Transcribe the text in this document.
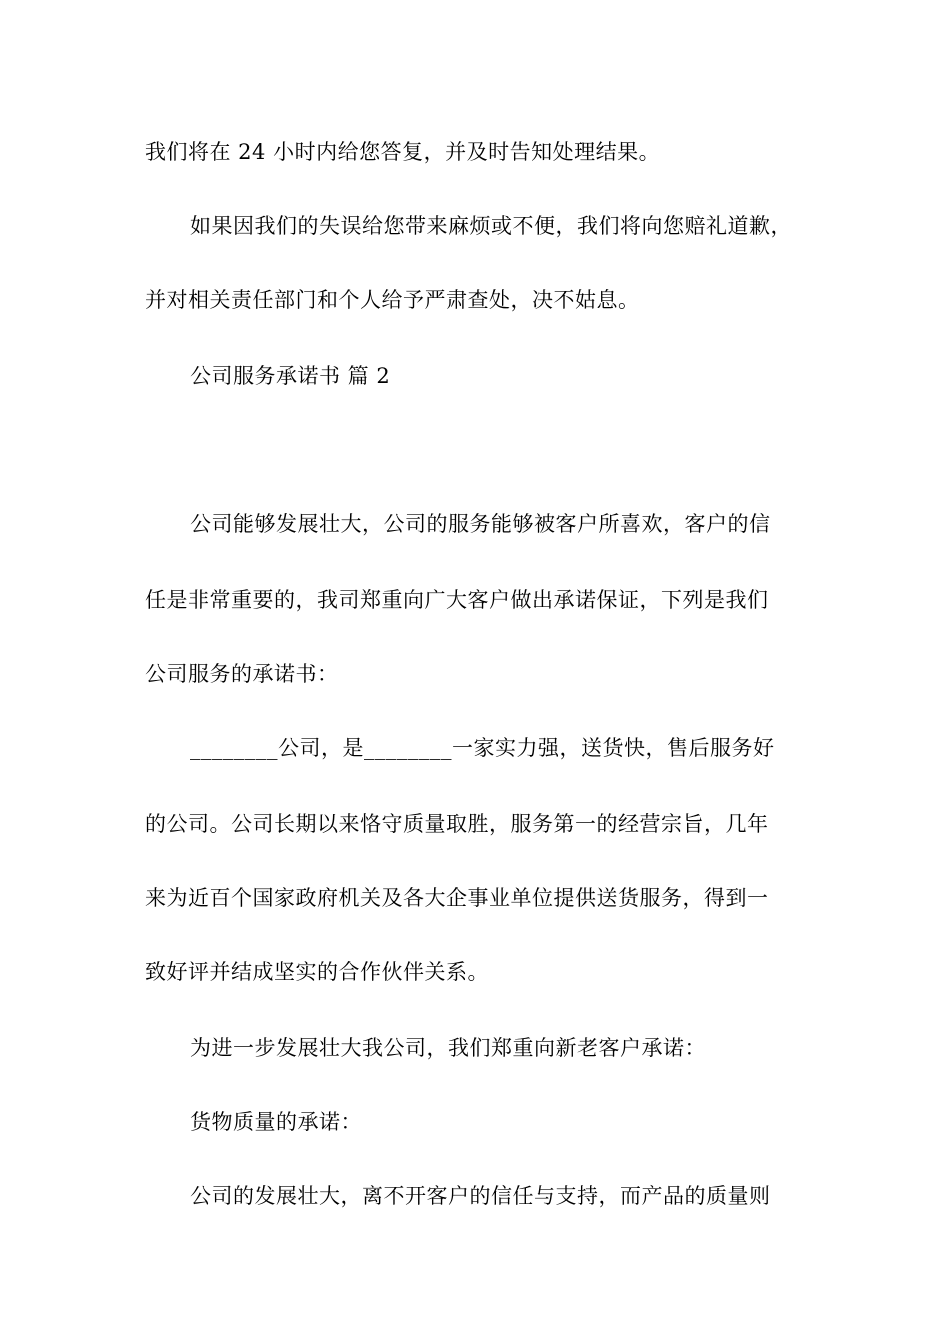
我们将在 24 小时内给您答复，并及时告知处理结果。
如果因我们的失误给您带来麻烦或不便，我们将向您赔礼道歉，
并对相关责任部门和个人给予严肃查处，决不姑息。
公司服务承诺书 篇 2
公司能够发展壮大，公司的服务能够被客户所喜欢，客户的信
任是非常重要的，我司郑重向广大客户做出承诺保证，下列是我们
公司服务的承诺书：
________公司，是________一家实力强，送货快，售后服务好
的公司。公司长期以来恪守质量取胜，服务第一的经营宗旨，几年
来为近百个国家政府机关及各大企事业单位提供送货服务，得到一
致好评并结成坚实的合作伙伴关系。
为进一步发展壮大我公司，我们郑重向新老客户承诺：
货物质量的承诺：
公司的发展壮大，离不开客户的信任与支持，而产品的质量则
